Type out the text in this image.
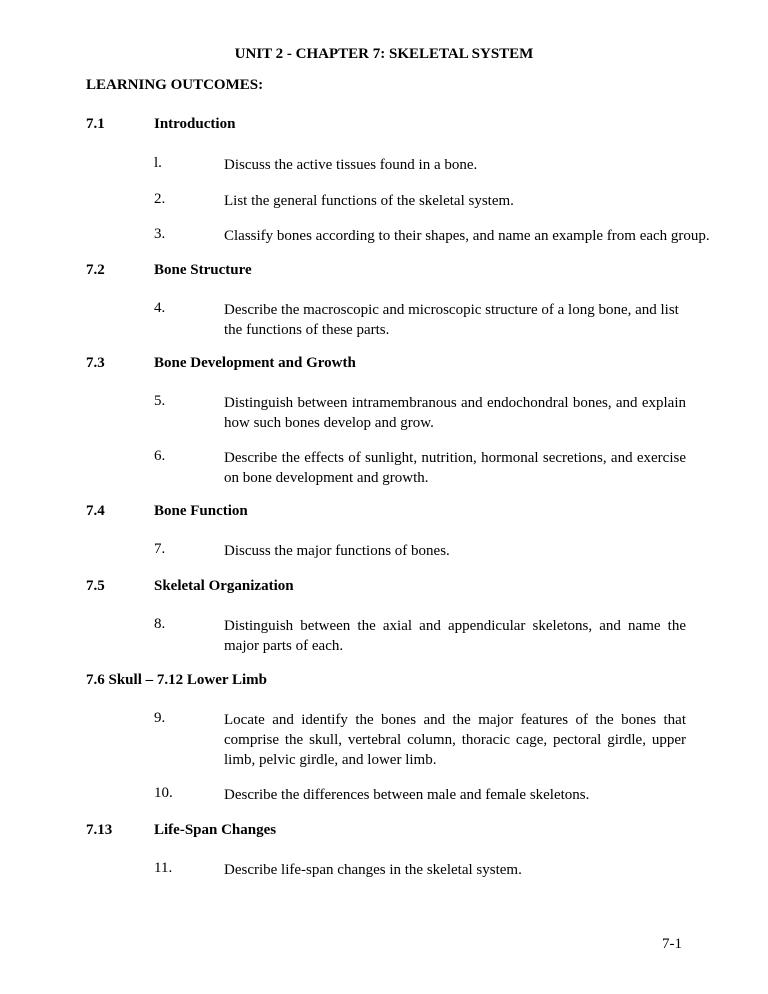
UNIT 2 - CHAPTER 7: SKELETAL SYSTEM
LEARNING OUTCOMES:
7.1	Introduction
l.	Discuss the active tissues found in a bone.
2.	List the general functions of the skeletal system.
3.	Classify bones according to their shapes, and name an example from each group.
7.2	Bone Structure
4.	Describe the macroscopic and microscopic structure of a long bone, and list the functions of these parts.
7.3	Bone Development and Growth
5.	Distinguish between intramembranous and endochondral bones, and explain how such bones develop and grow.
6.	Describe the effects of sunlight, nutrition, hormonal secretions, and exercise on bone development and growth.
7.4	Bone Function
7.	Discuss the major functions of bones.
7.5	Skeletal Organization
8.	Distinguish between the axial and appendicular skeletons, and name the major parts of each.
7.6 Skull – 7.12 Lower Limb
9.	Locate and identify the bones and the major features of the bones that comprise the skull, vertebral column, thoracic cage, pectoral girdle, upper limb, pelvic girdle, and lower limb.
10.	Describe the differences between male and female skeletons.
7.13	Life-Span Changes
11.	Describe life-span changes in the skeletal system.
7-1
